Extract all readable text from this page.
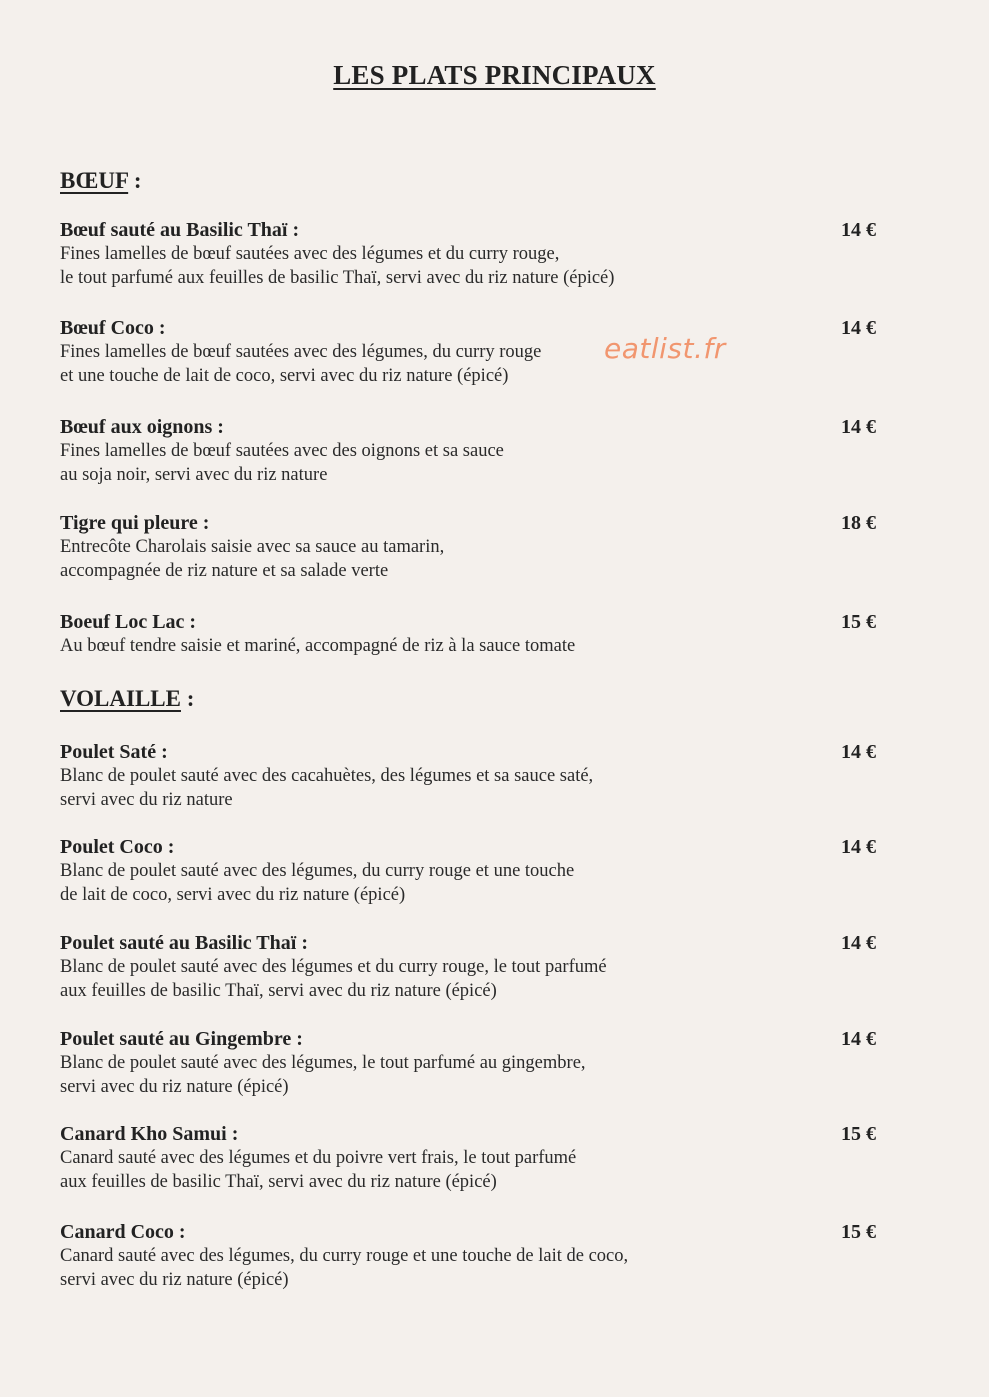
LES PLATS PRINCIPAUX
BŒUF :
Bœuf sauté au Basilic Thaï :	14 €
Fines lamelles de bœuf sautées avec des légumes et du curry rouge,
le tout parfumé aux feuilles de basilic Thaï, servi avec du riz nature (épicé)
Bœuf Coco :	14 €
Fines lamelles de bœuf sautées avec des légumes, du curry rouge
et une touche de lait de coco, servi avec du riz nature (épicé)
Bœuf aux oignons :	14 €
Fines lamelles de bœuf sautées avec des oignons et sa sauce
au soja noir, servi avec du riz nature
Tigre qui pleure :	18 €
Entrecôte Charolais saisie avec sa sauce au tamarin,
accompagnée de riz nature et sa salade verte
Boeuf Loc Lac :	15 €
Au bœuf tendre saisie et mariné, accompagné de riz à la sauce tomate
VOLAILLE :
Poulet Saté :	14 €
Blanc de poulet sauté avec des cacahuètes, des légumes et sa sauce saté,
servi avec du riz nature
Poulet Coco :	14 €
Blanc de poulet sauté avec des légumes, du curry rouge et une touche
de lait de coco, servi avec du riz nature (épicé)
Poulet sauté au Basilic Thaï :	14 €
Blanc de poulet sauté avec des légumes et du curry rouge, le tout parfumé
aux feuilles de basilic Thaï, servi avec du riz nature (épicé)
Poulet sauté au Gingembre :	14 €
Blanc de poulet sauté avec des légumes, le tout parfumé au gingembre,
servi avec du riz nature (épicé)
Canard Kho Samui :	15 €
Canard sauté avec des légumes et du poivre vert frais, le tout parfumé
aux feuilles de basilic Thaï, servi avec du riz nature (épicé)
Canard Coco :	15 €
Canard sauté avec des légumes, du curry rouge et une touche de lait de coco,
servi avec du riz nature (épicé)
eatlist.fr
